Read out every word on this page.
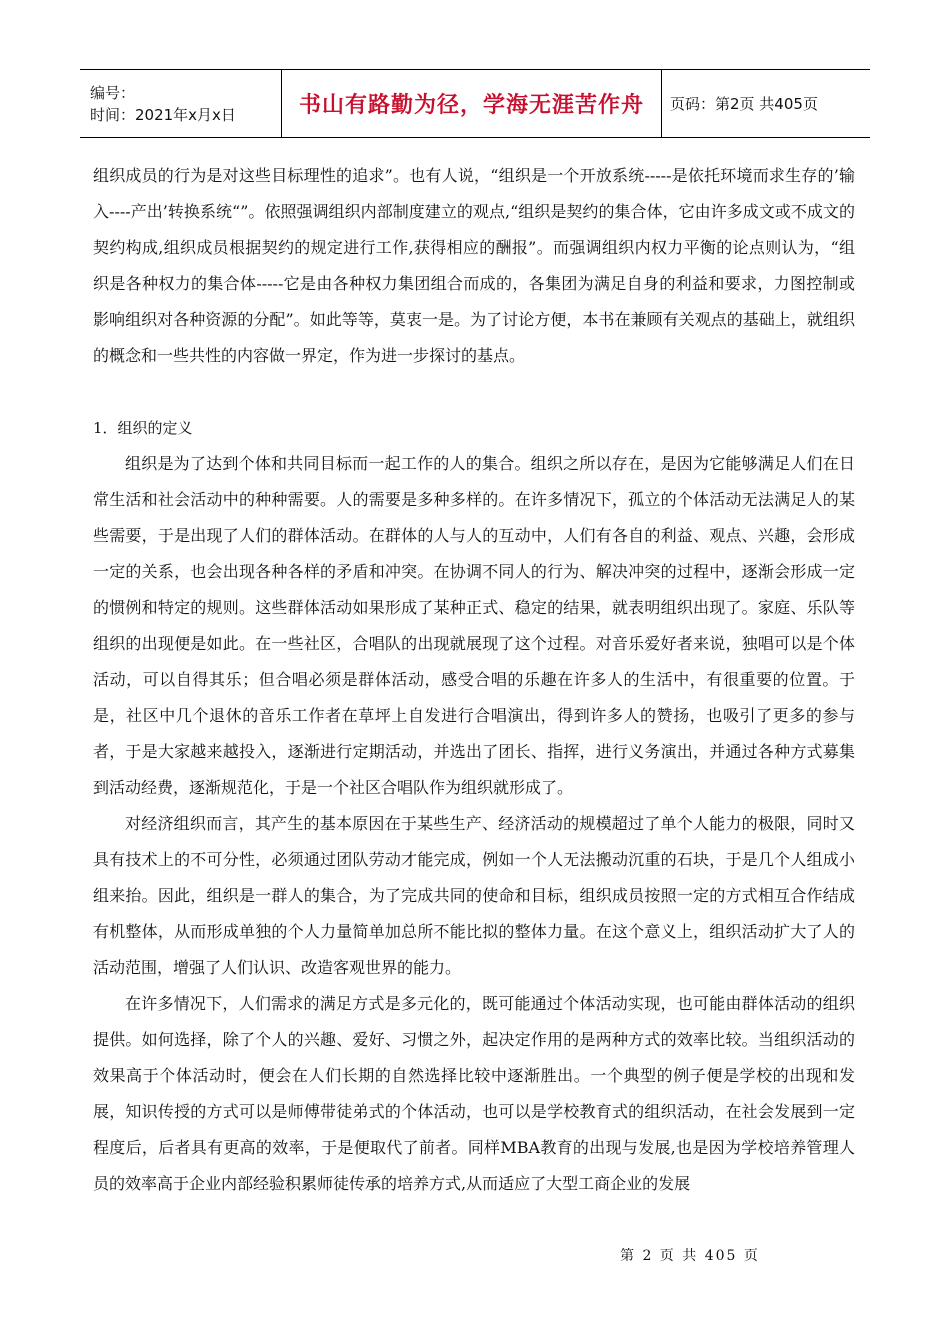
编号：
时间：2021年x月x日	书山有路勤为径，学海无涯苦作舟	页码：第2页 共405页

组织成员的行为是对这些目标理性的追求”。也有人说，“组织是一个开放系统-----是依托环境而求生存的’输入----产出’转换系统“”。依照强调组织内部制度建立的观点,“组织是契约的集合体，它由许多成文或不成文的契约构成,组织成员根据契约的规定进行工作,获得相应的酬报”。而强调组织内权力平衡的论点则认为，“组织是各种权力的集合体-----它是由各种权力集团组合而成的，各集团为满足自身的利益和要求，力图控制或影响组织对各种资源的分配”。如此等等，莫衷一是。为了讨论方便，本书在兼顾有关观点的基础上，就组织的概念和一些共性的内容做一界定，作为进一步探讨的基点。

1．组织的定义

组织是为了达到个体和共同目标而一起工作的人的集合。组织之所以存在，是因为它能够满足人们在日常生活和社会活动中的种种需要。人的需要是多种多样的。在许多情况下，孤立的个体活动无法满足人的某些需要，于是出现了人们的群体活动。在群体的人与人的互动中，人们有各自的利益、观点、兴趣，会形成一定的关系，也会出现各种各样的矛盾和冲突。在协调不同人的行为、解决冲突的过程中，逐渐会形成一定的惯例和特定的规则。这些群体活动如果形成了某种正式、稳定的结果，就表明组织出现了。家庭、乐队等组织的出现便是如此。在一些社区，合唱队的出现就展现了这个过程。对音乐爱好者来说，独唱可以是个体活动，可以自得其乐；但合唱必须是群体活动，感受合唱的乐趣在许多人的生活中，有很重要的位置。于是，社区中几个退休的音乐工作者在草坪上自发进行合唱演出，得到许多人的赞扬，也吸引了更多的参与者，于是大家越来越投入，逐渐进行定期活动，并选出了团长、指挥，进行义务演出，并通过各种方式募集到活动经费，逐渐规范化，于是一个社区合唱队作为组织就形成了。

对经济组织而言，其产生的基本原因在于某些生产、经济活动的规模超过了单个人能力的极限，同时又具有技术上的不可分性，必须通过团队劳动才能完成，例如一个人无法搬动沉重的石块，于是几个人组成小组来抬。因此，组织是一群人的集合，为了完成共同的使命和目标，组织成员按照一定的方式相互合作结成有机整体，从而形成单独的个人力量简单加总所不能比拟的整体力量。在这个意义上，组织活动扩大了人的活动范围，增强了人们认识、改造客观世界的能力。

在许多情况下，人们需求的满足方式是多元化的，既可能通过个体活动实现，也可能由群体活动的组织提供。如何选择，除了个人的兴趣、爱好、习惯之外，起决定作用的是两种方式的效率比较。当组织活动的效果高于个体活动时，便会在人们长期的自然选择比较中逐渐胜出。一个典型的例子便是学校的出现和发展，知识传授的方式可以是师傅带徒弟式的个体活动，也可以是学校教育式的组织活动，在社会发展到一定程度后，后者具有更高的效率，于是便取代了前者。同样MBA教育的出现与发展,也是因为学校培养管理人员的效率高于企业内部经验积累师徒传承的培养方式,从而适应了大型工商企业的发展

第 2 页 共 405 页
